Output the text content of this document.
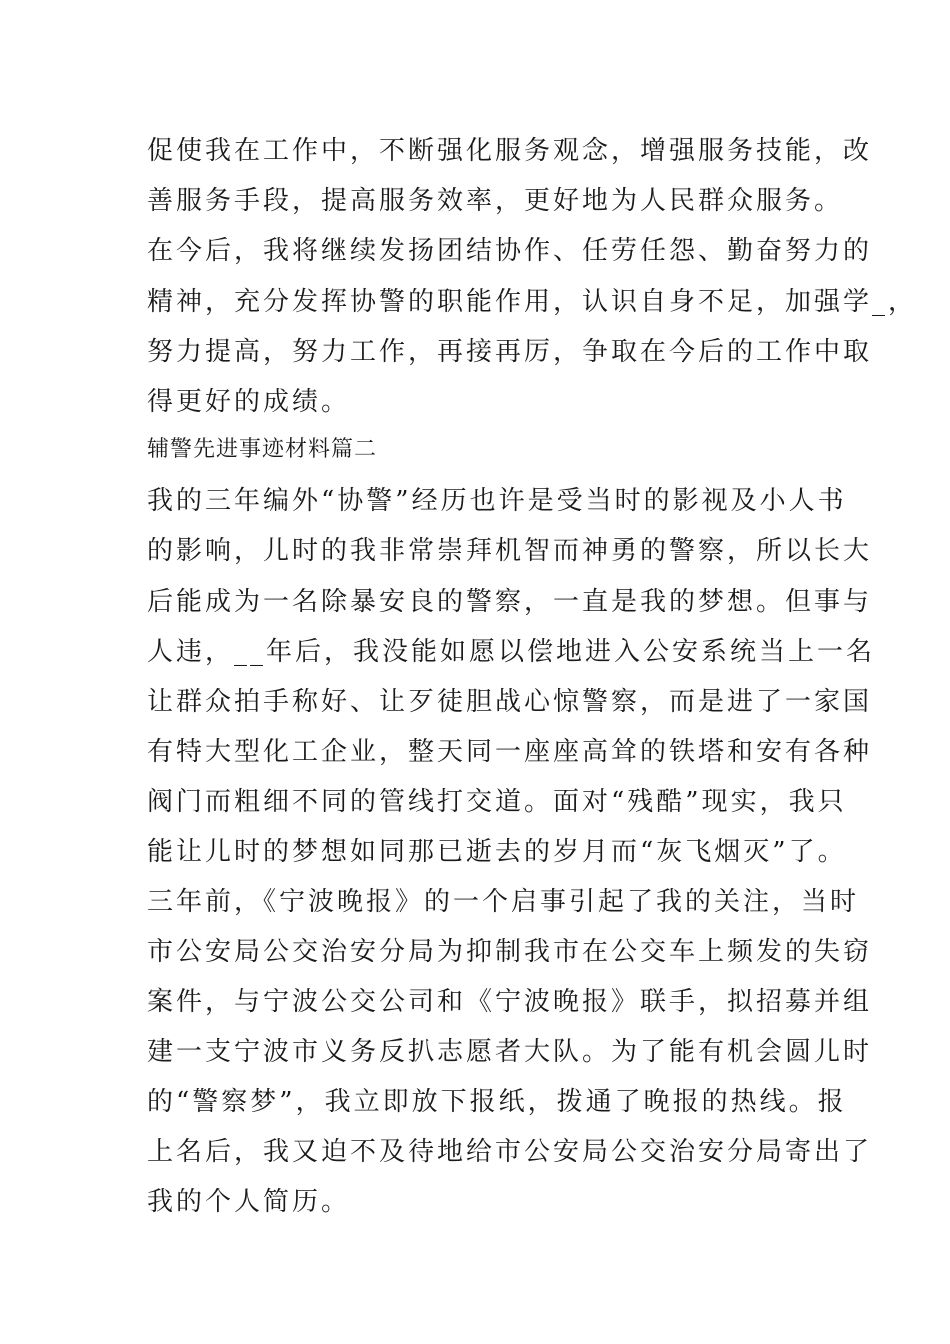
促使我在工作中，不断强化服务观念，增强服务技能，改
善服务手段，提高服务效率，更好地为人民群众服务。
在今后，我将继续发扬团结协作、任劳任怨、勤奋努力的
精神，充分发挥协警的职能作用，认识自身不足，加强学_，
努力提高，努力工作，再接再厉，争取在今后的工作中取
得更好的成绩。
辅警先进事迹材料篇二
我的三年编外“协警”经历也许是受当时的影视及小人书
的影响，儿时的我非常崇拜机智而神勇的警察，所以长大
后能成为一名除暴安良的警察，一直是我的梦想。但事与
人违，__年后，我没能如愿以偿地进入公安系统当上一名
让群众拍手称好、让歹徒胆战心惊警察，而是进了一家国
有特大型化工企业，整天同一座座高耸的铁塔和安有各种
阀门而粗细不同的管线打交道。面对“残酷”现实，我只
能让儿时的梦想如同那已逝去的岁月而“灰飞烟灭”了。
三年前，《宁波晚报》的一个启事引起了我的关注，当时
市公安局公交治安分局为抑制我市在公交车上频发的失窃
案件，与宁波公交公司和《宁波晚报》联手，拟招募并组
建一支宁波市义务反扒志愿者大队。为了能有机会圆儿时
的“警察梦”，我立即放下报纸，拨通了晚报的热线。报
上名后，我又迫不及待地给市公安局公交治安分局寄出了
我的个人简历。
